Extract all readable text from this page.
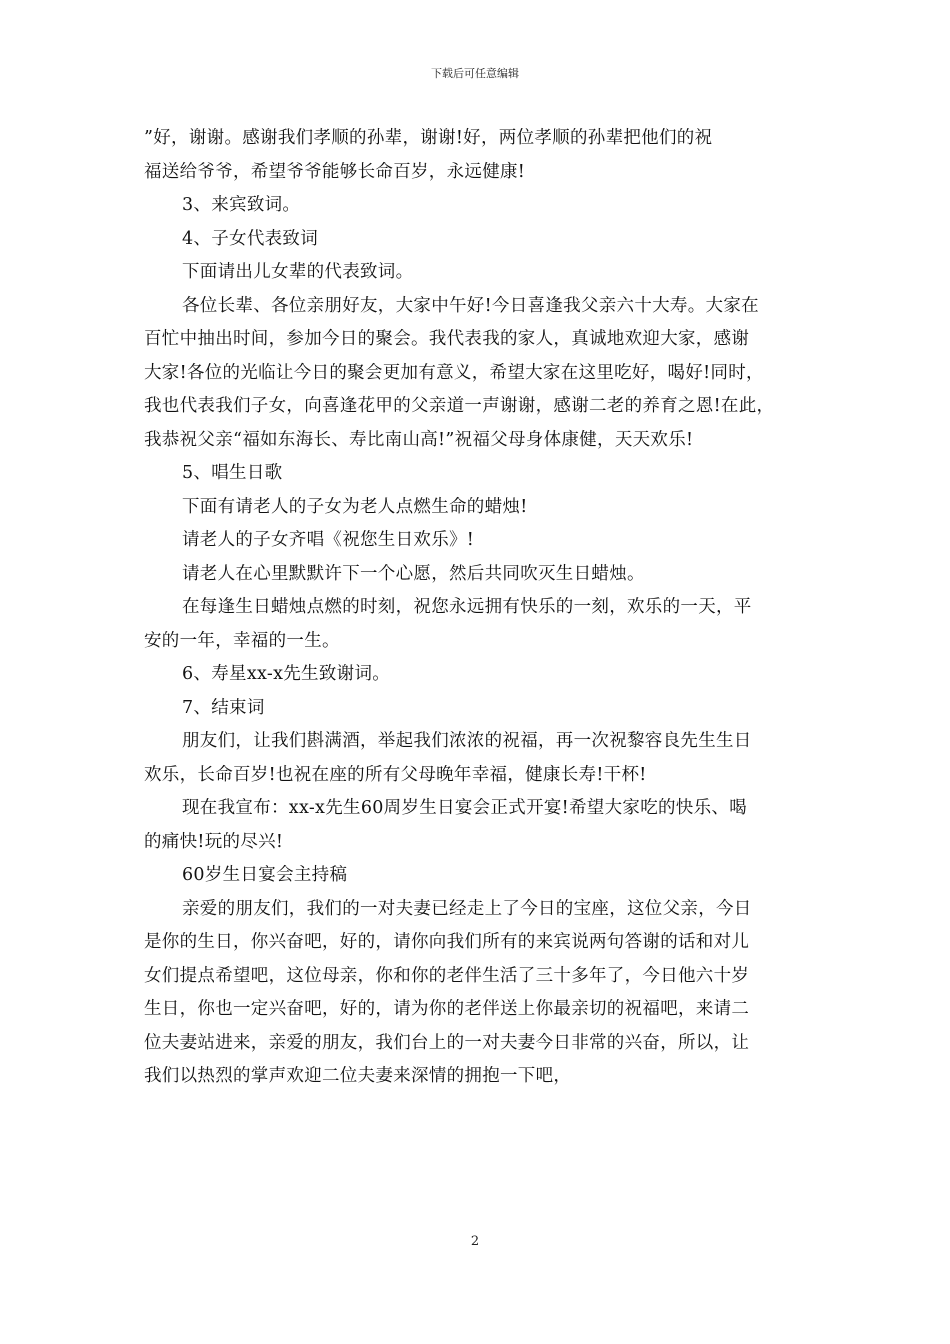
下载后可任意编辑
”好，谢谢。感谢我们孝顺的孙辈，谢谢!好，两位孝顺的孙辈把他们的祝
福送给爷爷，希望爷爷能够长命百岁，永远健康!
3、来宾致词。
4、子女代表致词
下面请出儿女辈的代表致词。
各位长辈、各位亲朋好友，大家中午好!今日喜逢我父亲六十大寿。大家在
百忙中抽出时间，参加今日的聚会。我代表我的家人，真诚地欢迎大家，感谢
大家!各位的光临让今日的聚会更加有意义，希望大家在这里吃好，喝好!同时，
我也代表我们子女，向喜逢花甲的父亲道一声谢谢，感谢二老的养育之恩!在此，
我恭祝父亲“福如东海长、寿比南山高!”祝福父母身体康健，天天欢乐!
5、唱生日歌
下面有请老人的子女为老人点燃生命的蜡烛!
请老人的子女齐唱《祝您生日欢乐》!
请老人在心里默默许下一个心愿，然后共同吹灭生日蜡烛。
在每逢生日蜡烛点燃的时刻，祝您永远拥有快乐的一刻，欢乐的一天，平
安的一年，幸福的一生。
6、寿星xx-x先生致谢词。
7、结束词
朋友们，让我们斟满酒，举起我们浓浓的祝福，再一次祝黎容良先生生日
欢乐，长命百岁!也祝在座的所有父母晚年幸福，健康长寿!干杯!
现在我宣布：xx-x先生60周岁生日宴会正式开宴!希望大家吃的快乐、喝
的痛快!玩的尽兴!
60岁生日宴会主持稿
亲爱的朋友们，我们的一对夫妻已经走上了今日的宝座，这位父亲，今日
是你的生日，你兴奋吧，好的，请你向我们所有的来宾说两句答谢的话和对儿
女们提点希望吧，这位母亲，你和你的老伴生活了三十多年了，今日他六十岁
生日，你也一定兴奋吧，好的，请为你的老伴送上你最亲切的祝福吧，来请二
位夫妻站进来，亲爱的朋友，我们台上的一对夫妻今日非常的兴奋，所以，让
我们以热烈的掌声欢迎二位夫妻来深情的拥抱一下吧，
2
